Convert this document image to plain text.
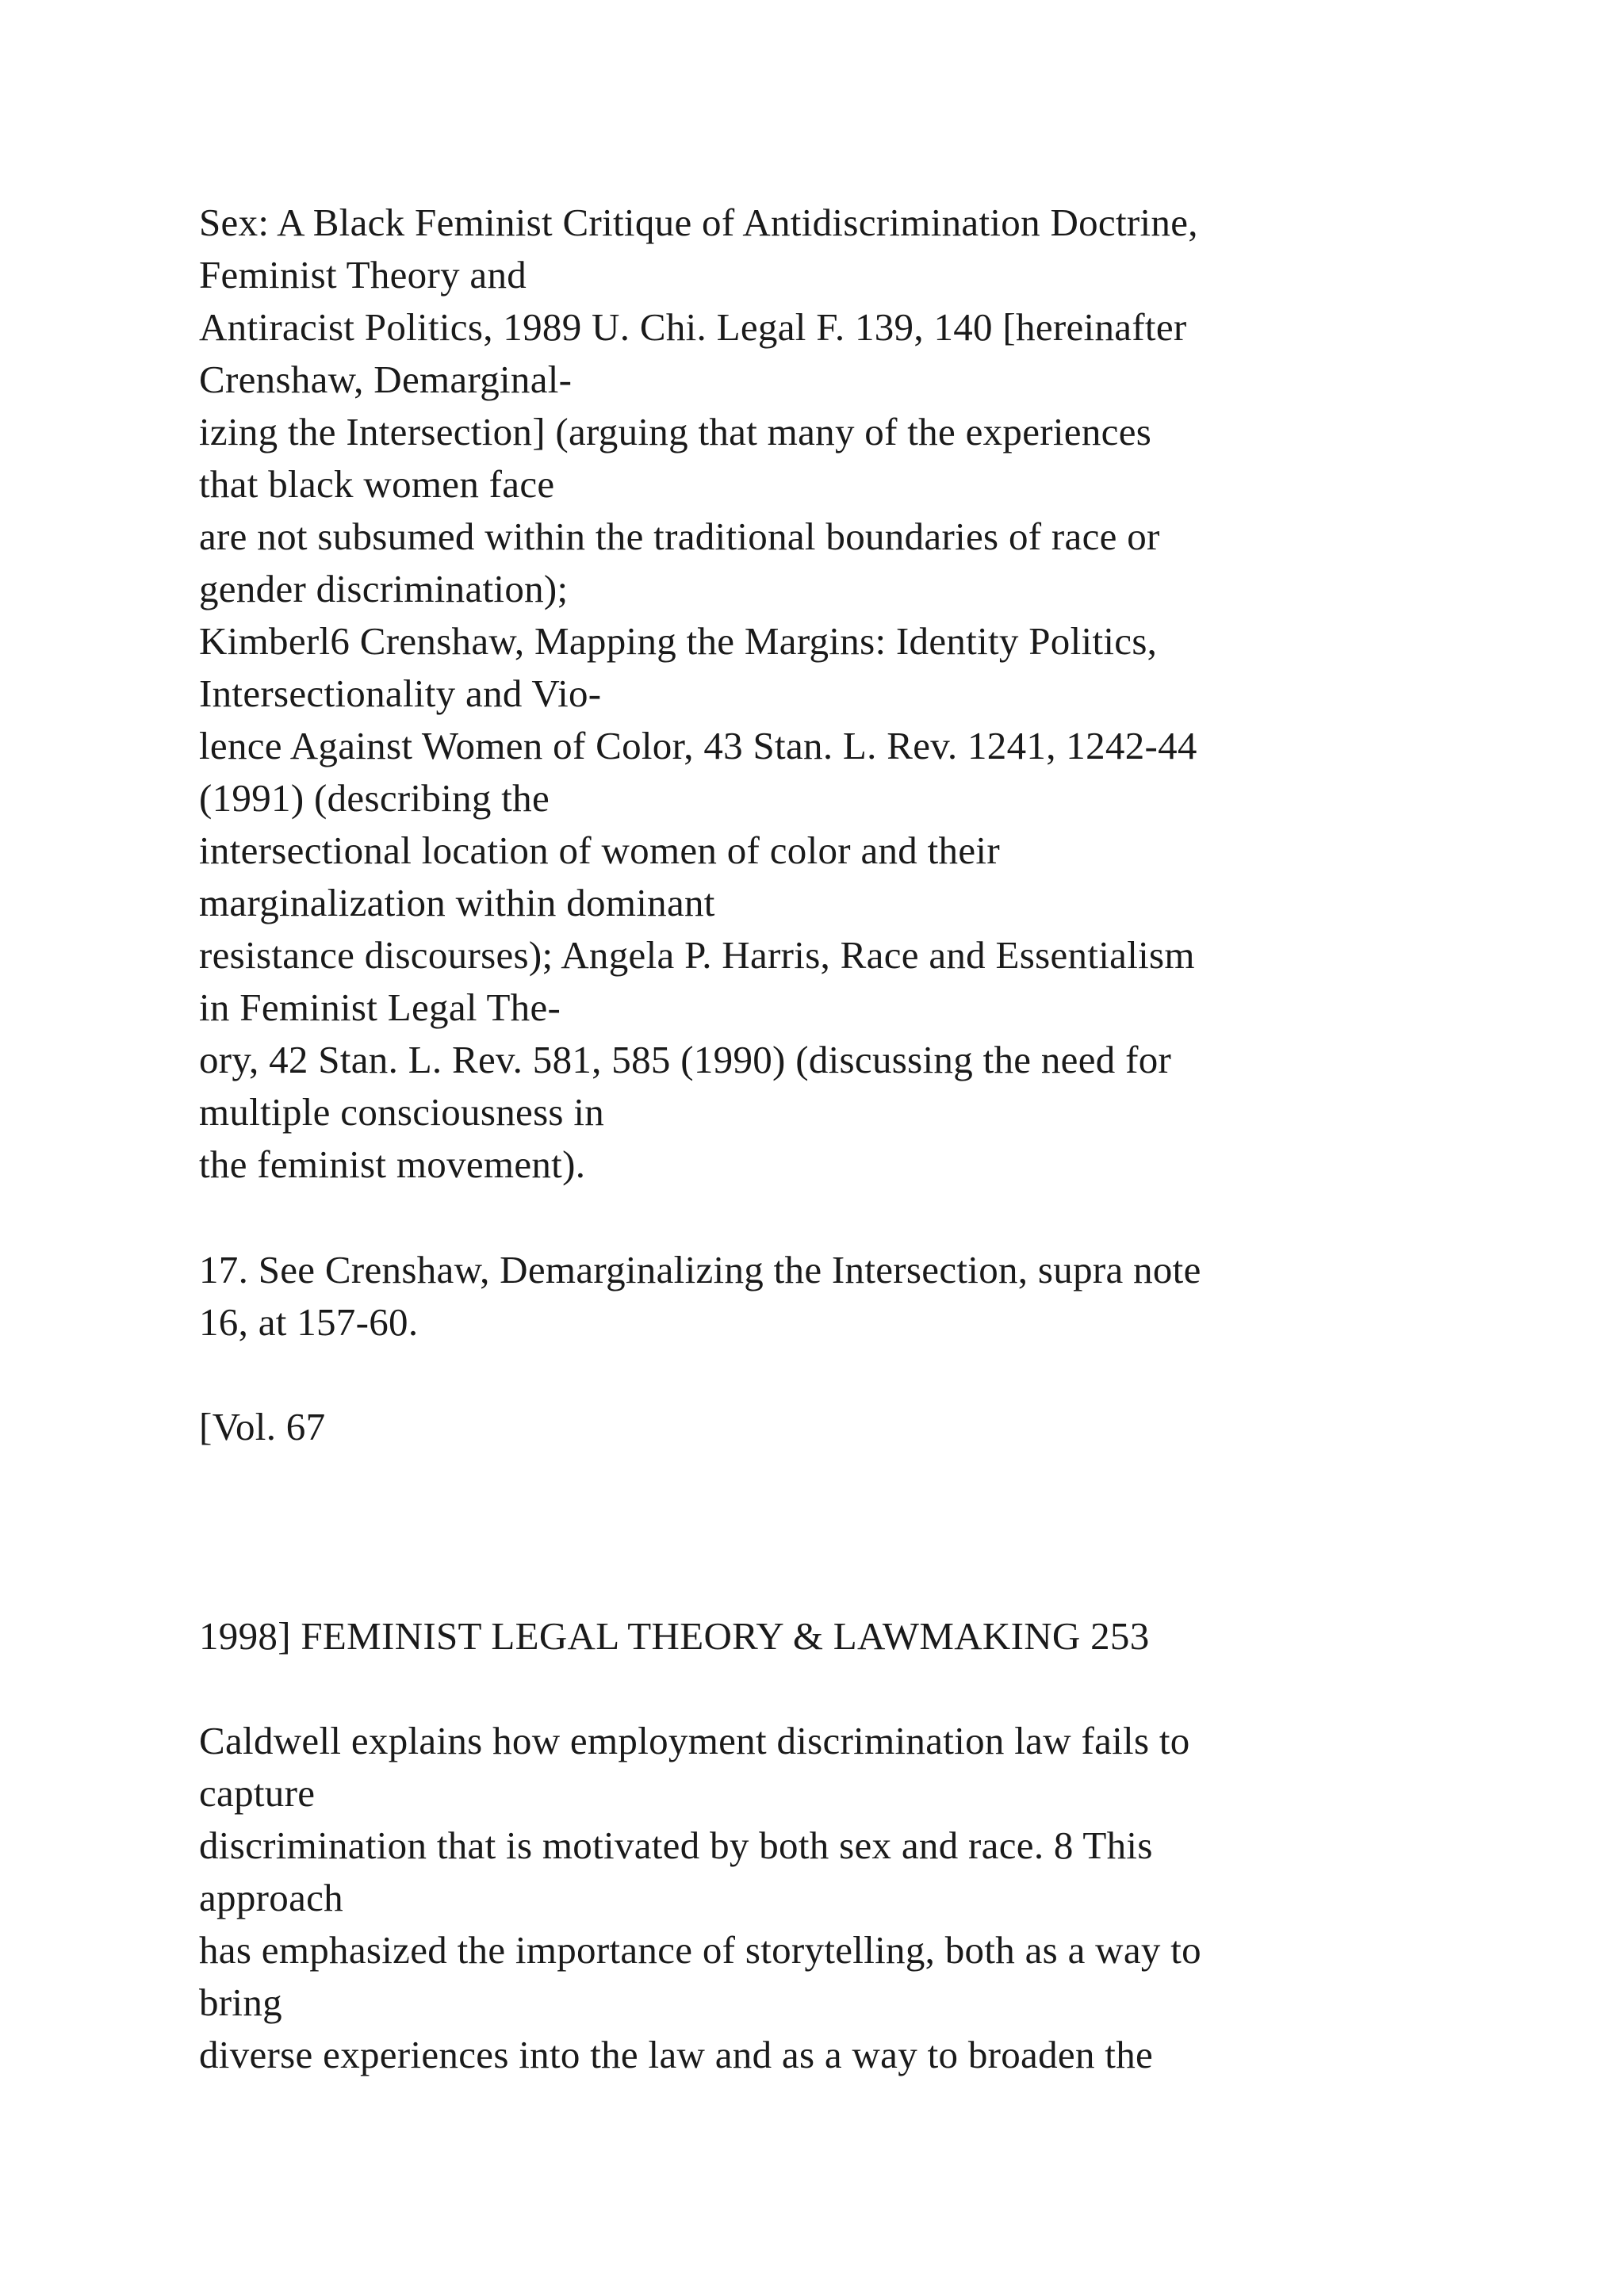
Sex: A Black Feminist Critique of Antidiscrimination Doctrine,
Feminist Theory and
Antiracist Politics, 1989 U. Chi. Legal F. 139, 140 [hereinafter
Crenshaw, Demarginal-
izing the Intersection] (arguing that many of the experiences
that black women face
are not subsumed within the traditional boundaries of race or
gender discrimination);
Kimberl6 Crenshaw, Mapping the Margins: Identity Politics,
Intersectionality and Vio-
lence Against Women of Color, 43 Stan. L. Rev. 1241, 1242-44
(1991) (describing the
intersectional location of women of color and their
marginalization within dominant
resistance discourses); Angela P. Harris, Race and Essentialism
in Feminist Legal The-
ory, 42 Stan. L. Rev. 581, 585 (1990) (discussing the need for
multiple consciousness in
the feminist movement).
17. See Crenshaw, Demarginalizing the Intersection, supra note
16, at 157-60.
[Vol. 67
1998] FEMINIST LEGAL THEORY & LAWMAKING 253
Caldwell explains how employment discrimination law fails to
capture
discrimination that is motivated by both sex and race. 8 This
approach
has emphasized the importance of storytelling, both as a way to
bring
diverse experiences into the law and as a way to broaden the
